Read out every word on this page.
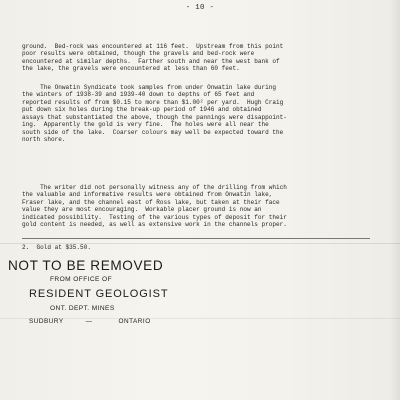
- 10 -

ground.  Bed-rock was encountered at 116 feet.  Upstream from this point
poor results were obtained, though the gravels and bed-rock were
encountered at similar depths.  Farther south and near the west bank of
the lake, the gravels were encountered at less than 60 feet.

The Onwatin Syndicate took samples from under Onwatin lake during
the winters of 1938-39 and 1939-40 down to depths of 65 feet and
reported results of from $0.15 to more than $1.00² per yard.  Hugh Craig
put down six holes during the break-up period of 1946 and obtained
assays that substantiated the above, though the pannings were disappoint-
ing.  Apparently the gold is very fine.  The holes were all near the
south side of the lake.  Coarser colours may well be expected toward the
north shore.

The writer did not personally witness any of the drilling from which
the valuable and informative results were obtained from Onwatin lake,
Fraser lake, and the channel east of Ross lake, but taken at their face
value they are most encouraging.  Workable placer ground is now an
indicated possibility.  Testing of the various types of deposit for their
gold content is needed, as well as extensive work in the channels proper.

2.  Gold at $35.50.
NOT TO BE REMOVED
FROM OFFICE OF
RESIDENT GEOLOGIST
ONT. DEPT. MINES
SUDBURY	—	ONTARIO
